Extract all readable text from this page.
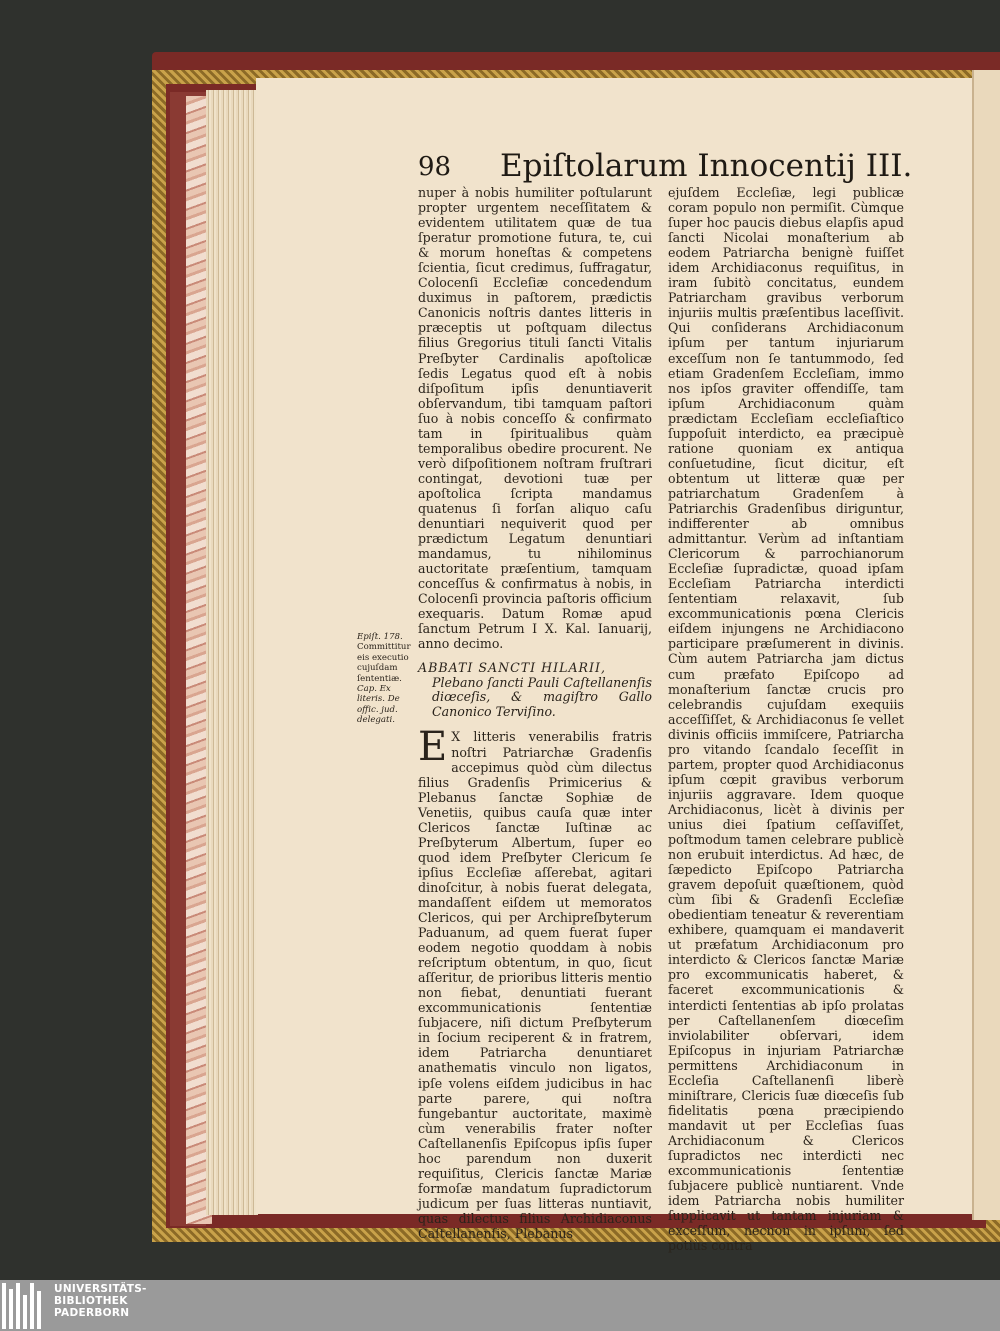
98 Epiſtolarum Innocentij III.

nuper à nobis humiliter poſtularunt propter urgentem neceſſitatem & evidentem utilitatem quæ de tua ſperatur promotione futura, te, cui & morum honeſtas & competens ſcientia, ſicut credimus, ſuffragatur, Colocenſi Eccleſiæ concedendum duximus in paſtorem, prædictis Canonicis noſtris dantes litteris in præceptis ut poſtquam dilectus filius Gregorius tituli ſancti Vitalis Preſbyter Cardinalis apoſtolicæ ſedis Legatus quod eſt à nobis diſpoſitum ipſis denuntiaverit obſervandum, tibi tamquam paſtori ſuo à nobis conceſſo & confirmato tam in ſpiritualibus quàm temporalibus obedire procurent. Ne verò diſpoſitionem noſtram fruſtrari contingat, devotioni tuæ per apoſtolica ſcripta mandamus quatenus ſi forſan aliquo caſu denuntiari nequiverit quod per prædictum Legatum denuntiari mandamus, tu nihilominus auctoritate præſentium, tamquam conceſſus & confirmatus à nobis, in Colocenſi provincia paſtoris officium exequaris. Datum Romæ apud ſanctum Petrum I X. Kal. Ianuarij, anno decimo.

ABBATI SANCTI HILARII,
Plebano ſancti Pauli Caſtellanenſis diœceſis, & magiſtro Gallo Canonico Terviſino.

E X litteris venerabilis fratris noſtri Patriarchæ Gradenſis accepimus quòd cùm dilectus filius Gradenſis Primicerius & Plebanus ſanctæ Sophiæ de Venetiis, quibus cauſa quæ inter Clericos ſanctæ Iuſtinæ ac Preſbyterum Albertum, ſuper eo quod idem Preſbyter Clericum ſe ipſius Eccleſiæ aſſerebat, agitari dinoſcitur, à nobis fuerat delegata, mandaſſent eiſdem ut memoratos Clericos, qui per Archipreſbyterum Paduanum, ad quem fuerat ſuper eodem negotio quoddam à nobis reſcriptum obtentum, in quo, ſicut aſſeritur, de prioribus litteris mentio non fiebat, denuntiati fuerant excommunicationis ſententiæ ſubjacere, niſi dictum Preſbyterum in ſocium reciperent & in fratrem, idem Patriarcha denuntiaret anathematis vinculo non ligatos, ipſe volens eiſdem judicibus in hac parte parere, qui noſtra fungebantur auctoritate, maximè cùm venerabilis frater noſter Caſtellanenſis Epiſcopus ipſis ſuper hoc parendum non duxerit requiſitus, Clericis ſanctæ Mariæ formoſæ mandatum ſupradictorum judicum per ſuas litteras nuntiavit, quas dilectus filius Archidiaconus Caſtellanenſis, Plebanus

ejuſdem Eccleſiæ, legi publicæ coram populo non permiſit. Cùmque ſuper hoc paucis diebus elapſis apud ſancti Nicolai monaſterium ab eodem Patriarcha benignè fuiſſet idem Archidiaconus requiſitus, in iram ſubitò concitatus, eundem Patriarcham gravibus verborum injuriis multis præſentibus laceſſivit. Qui conſiderans Archidiaconum ipſum per tantum injuriarum exceſſum non ſe tantummodo, ſed etiam Gradenſem Eccleſiam, immo nos ipſos graviter offendiſſe, tam ipſum Archidiaconum quàm prædictam Eccleſiam eccleſiaſtico ſuppoſuit interdicto, ea præcipuè ratione quoniam ex antiqua conſuetudine, ſicut dicitur, eſt obtentum ut litteræ quæ per patriarchatum Gradenſem à Patriarchis Gradenſibus diriguntur, indifferenter ab omnibus admittantur. Verùm ad inſtantiam Clericorum & parrochianorum Eccleſiæ ſupradictæ, quoad ipſam Eccleſiam Patriarcha interdicti ſententiam relaxavit, ſub excommunicationis pœna Clericis eiſdem injungens ne Archidiacono participare præſumerent in divinis. Cùm autem Patriarcha jam dictus cum præfato Epiſcopo ad monaſterium ſanctæ crucis pro celebrandis cujuſdam exequiis acceſſiſſet, & Archidiaconus ſe vellet divinis officiis immiſcere, Patriarcha pro vitando ſcandalo ſeceſſit in partem, propter quod Archidiaconus ipſum cœpit gravibus verborum injuriis aggravare. Idem quoque Archidiaconus, licèt à divinis per unius diei ſpatium ceſſaviſſet, poſtmodum tamen celebrare publicè non erubuit interdictus. Ad hæc, de ſæpedicto Epiſcopo Patriarcha gravem depoſuit quæſtionem, quòd cùm ſibi & Gradenſi Eccleſiæ obedientiam teneatur & reverentiam exhibere, quamquam ei mandaverit ut præfatum Archidiaconum pro interdicto & Clericos ſanctæ Mariæ pro excommunicatis haberet, & faceret excommunicationis & interdicti ſententias ab ipſo prolatas per Caſtellanenſem diœceſim inviolabiliter obſervari, idem Epiſcopus in injuriam Patriarchæ permittens Archidiaconum in Eccleſia Caſtellanenſi liberè miniſtrare, Clericis ſuæ diœceſis ſub fidelitatis pœna præcipiendo mandavit ut per Eccleſias ſuas Archidiaconum & Clericos ſupradictos nec interdicti nec excommunicationis ſententiæ ſubjacere publicè nuntiarent. Vnde idem Patriarcha nobis humiliter ſupplicavit ut tantam injuriam & exceſſum, necnon in ipſum, ſed potiùs contra

Epiſt. 178.
Committitur eis executio cujuſdam ſententiæ.
Cap. Ex literis. De offic. jud. delegati.
UNIVERSITÄTS-
BIBLIOTHEK
PADERBORN
